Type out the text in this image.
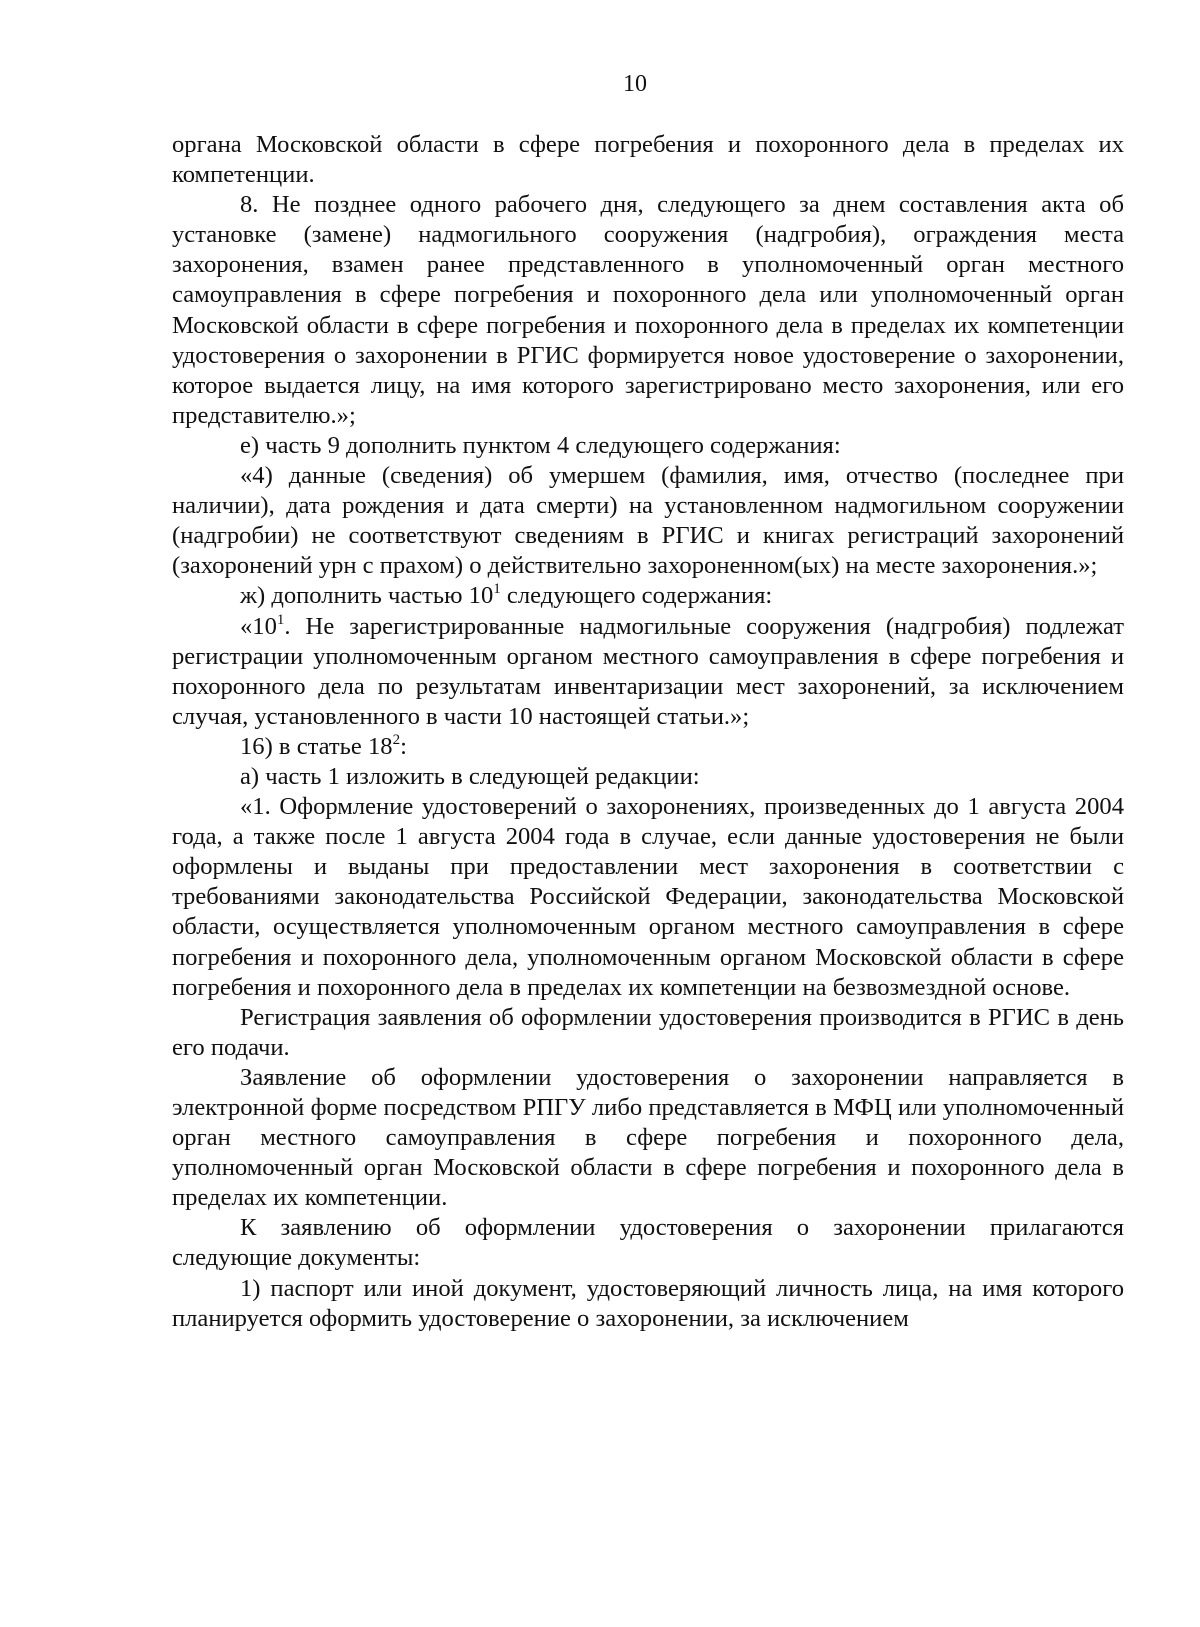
10

органа Московской области в сфере погребения и похоронного дела в пределах их компетенции.

8. Не позднее одного рабочего дня, следующего за днем составления акта об установке (замене) надмогильного сооружения (надгробия), ограждения места захоронения, взамен ранее представленного в уполномоченный орган местного самоуправления в сфере погребения и похоронного дела или уполномоченный орган Московской области в сфере погребения и похоронного дела в пределах их компетенции удостоверения о захоронении в РГИС формируется новое удостоверение о захоронении, которое выдается лицу, на имя которого зарегистрировано место захоронения, или его представителю.»;

е) часть 9 дополнить пунктом 4 следующего содержания:

«4) данные (сведения) об умершем (фамилия, имя, отчество (последнее при наличии), дата рождения и дата смерти) на установленном надмогильном сооружении (надгробии) не соответствуют сведениям в РГИС и книгах регистраций захоронений (захоронений урн с прахом) о действительно захороненном(ых) на месте захоронения.»;

ж) дополнить частью $10^1$ следующего содержания:

«$10^1$. Не зарегистрированные надмогильные сооружения (надгробия) подлежат регистрации уполномоченным органом местного самоуправления в сфере погребения и похоронного дела по результатам инвентаризации мест захоронений, за исключением случая, установленного в части 10 настоящей статьи.»;

16) в статье $18^2$:

а) часть 1 изложить в следующей редакции:

«1. Оформление удостоверений о захоронениях, произведенных до 1 августа 2004 года, а также после 1 августа 2004 года в случае, если данные удостоверения не были оформлены и выданы при предоставлении мест захоронения в соответствии с требованиями законодательства Российской Федерации, законодательства Московской области, осуществляется уполномоченным органом местного самоуправления в сфере погребения и похоронного дела, уполномоченным органом Московской области в сфере погребения и похоронного дела в пределах их компетенции на безвозмездной основе.

Регистрация заявления об оформлении удостоверения производится в РГИС в день его подачи.

Заявление об оформлении удостоверения о захоронении направляется в электронной форме посредством РПГУ либо представляется в МФЦ или уполномоченный орган местного самоуправления в сфере погребения и похоронного дела, уполномоченный орган Московской области в сфере погребения и похоронного дела в пределах их компетенции.

К заявлению об оформлении удостоверения о захоронении прилагаются следующие документы:

1) паспорт или иной документ, удостоверяющий личность лица, на имя которого планируется оформить удостоверение о захоронении, за исключением
